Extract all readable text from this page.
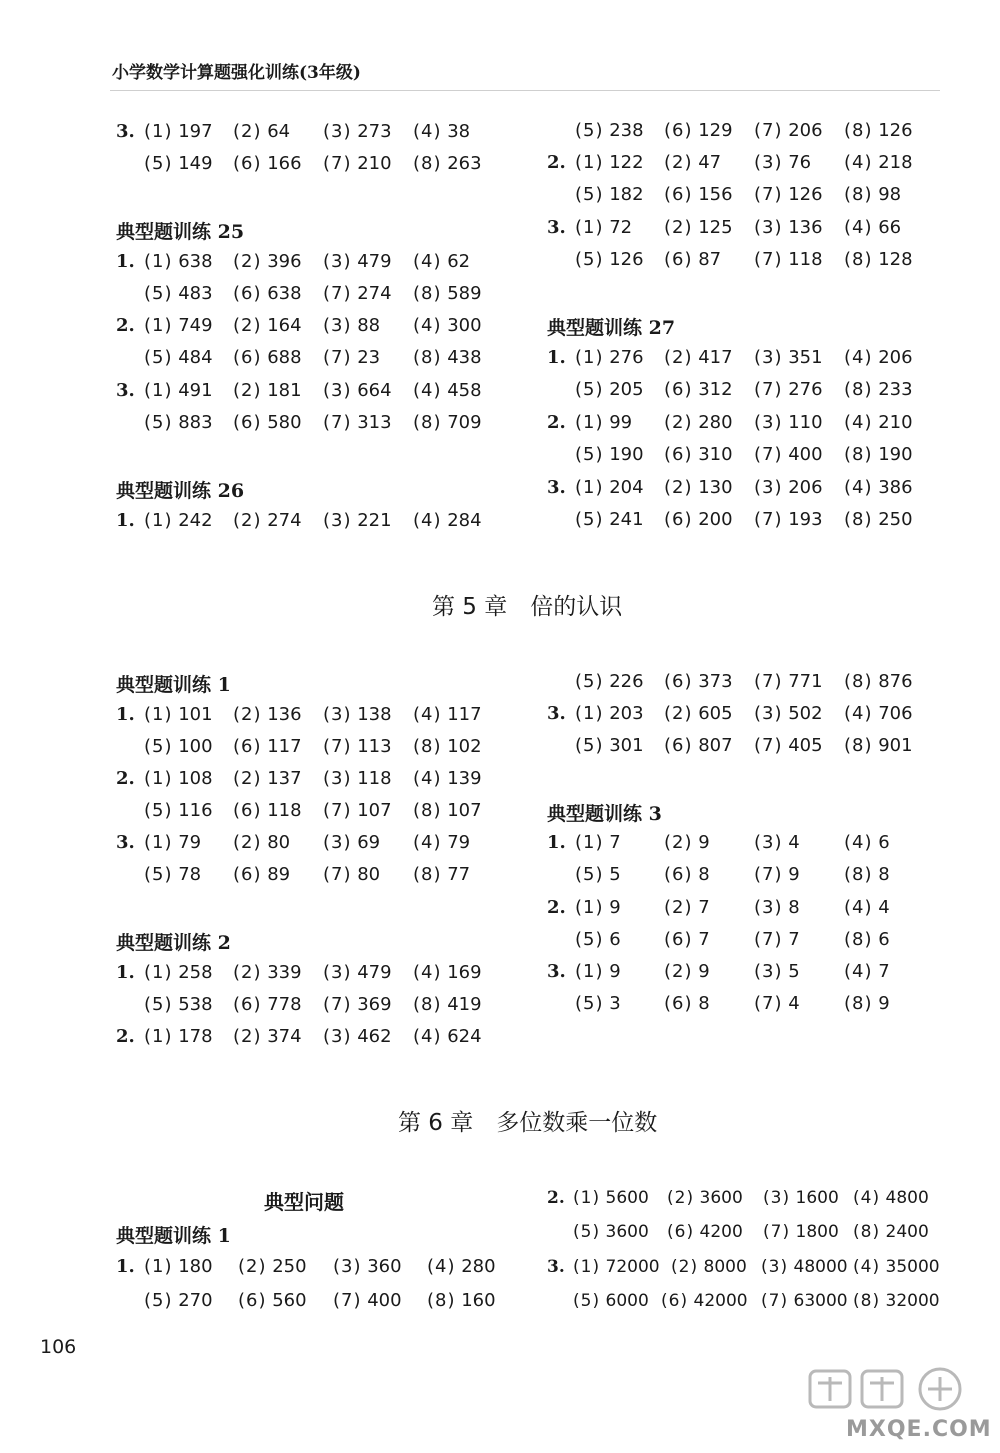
小学数学计算题强化训练(3年级)

3.

(1) 197

(2) 64

(3) 273

(4) 38

(5) 149

(6) 166

(7) 210

(8) 263

典型题训练 25

1.

(1) 638

(2) 396

(3) 479

(4) 62

(5) 483

(6) 638

(7) 274

(8) 589

2.

(1) 749

(2) 164

(3) 88

(4) 300

(5) 484

(6) 688

(7) 23

(8) 438

3.

(1) 491

(2) 181

(3) 664

(4) 458

(5) 883

(6) 580

(7) 313

(8) 709

典型题训练 26

1.

(1) 242

(2) 274

(3) 221

(4) 284

(5) 238

(6) 129

(7) 206

(8) 126

2.

(1) 122

(2) 47

(3) 76

(4) 218

(5) 182

(6) 156

(7) 126

(8) 98

3.

(1) 72

(2) 125

(3) 136

(4) 66

(5) 126

(6) 87

(7) 118

(8) 128

典型题训练 27

1.

(1) 276

(2) 417

(3) 351

(4) 206

(5) 205

(6) 312

(7) 276

(8) 233

2.

(1) 99

(2) 280

(3) 110

(4) 210

(5) 190

(6) 310

(7) 400

(8) 190

3.

(1) 204

(2) 130

(3) 206

(4) 386

(5) 241

(6) 200

(7) 193

(8) 250

第 5 章　倍的认识
典型题训练 1

1.

(1) 101

(2) 136

(3) 138

(4) 117

(5) 100

(6) 117

(7) 113

(8) 102

2.

(1) 108

(2) 137

(3) 118

(4) 139

(5) 116

(6) 118

(7) 107

(8) 107

3.

(1) 79

(2) 80

(3) 69

(4) 79

(5) 78

(6) 89

(7) 80

(8) 77

典型题训练 2

1.

(1) 258

(2) 339

(3) 479

(4) 169

(5) 538

(6) 778

(7) 369

(8) 419

2.

(1) 178

(2) 374

(3) 462

(4) 624

(5) 226

(6) 373

(7) 771

(8) 876

3.

(1) 203

(2) 605

(3) 502

(4) 706

(5) 301

(6) 807

(7) 405

(8) 901

典型题训练 3

1.

(1) 7

(2) 9

(3) 4

(4) 6

(5) 5

(6) 8

(7) 9

(8) 8

2.

(1) 9

(2) 7

(3) 8

(4) 4

(5) 6

(6) 7

(7) 7

(8) 6

3.

(1) 9

(2) 9

(3) 5

(4) 7

(5) 3

(6) 8

(7) 4

(8) 9

第 6 章　多位数乘一位数
典型问题
典型题训练 1

1.

(1) 180

(2) 250

(3) 360

(4) 280

(5) 270

(6) 560

(7) 400

(8) 160

2.

(1) 5600

(2) 3600

(3) 1600

(4) 4800

(5) 3600

(6) 4200

(7) 1800

(8) 2400

3.

(1) 72000

(2) 8000

(3) 48000

(4) 35000

(5) 6000

(6) 42000

(7) 63000

(8) 32000

106
MXQE.COM
